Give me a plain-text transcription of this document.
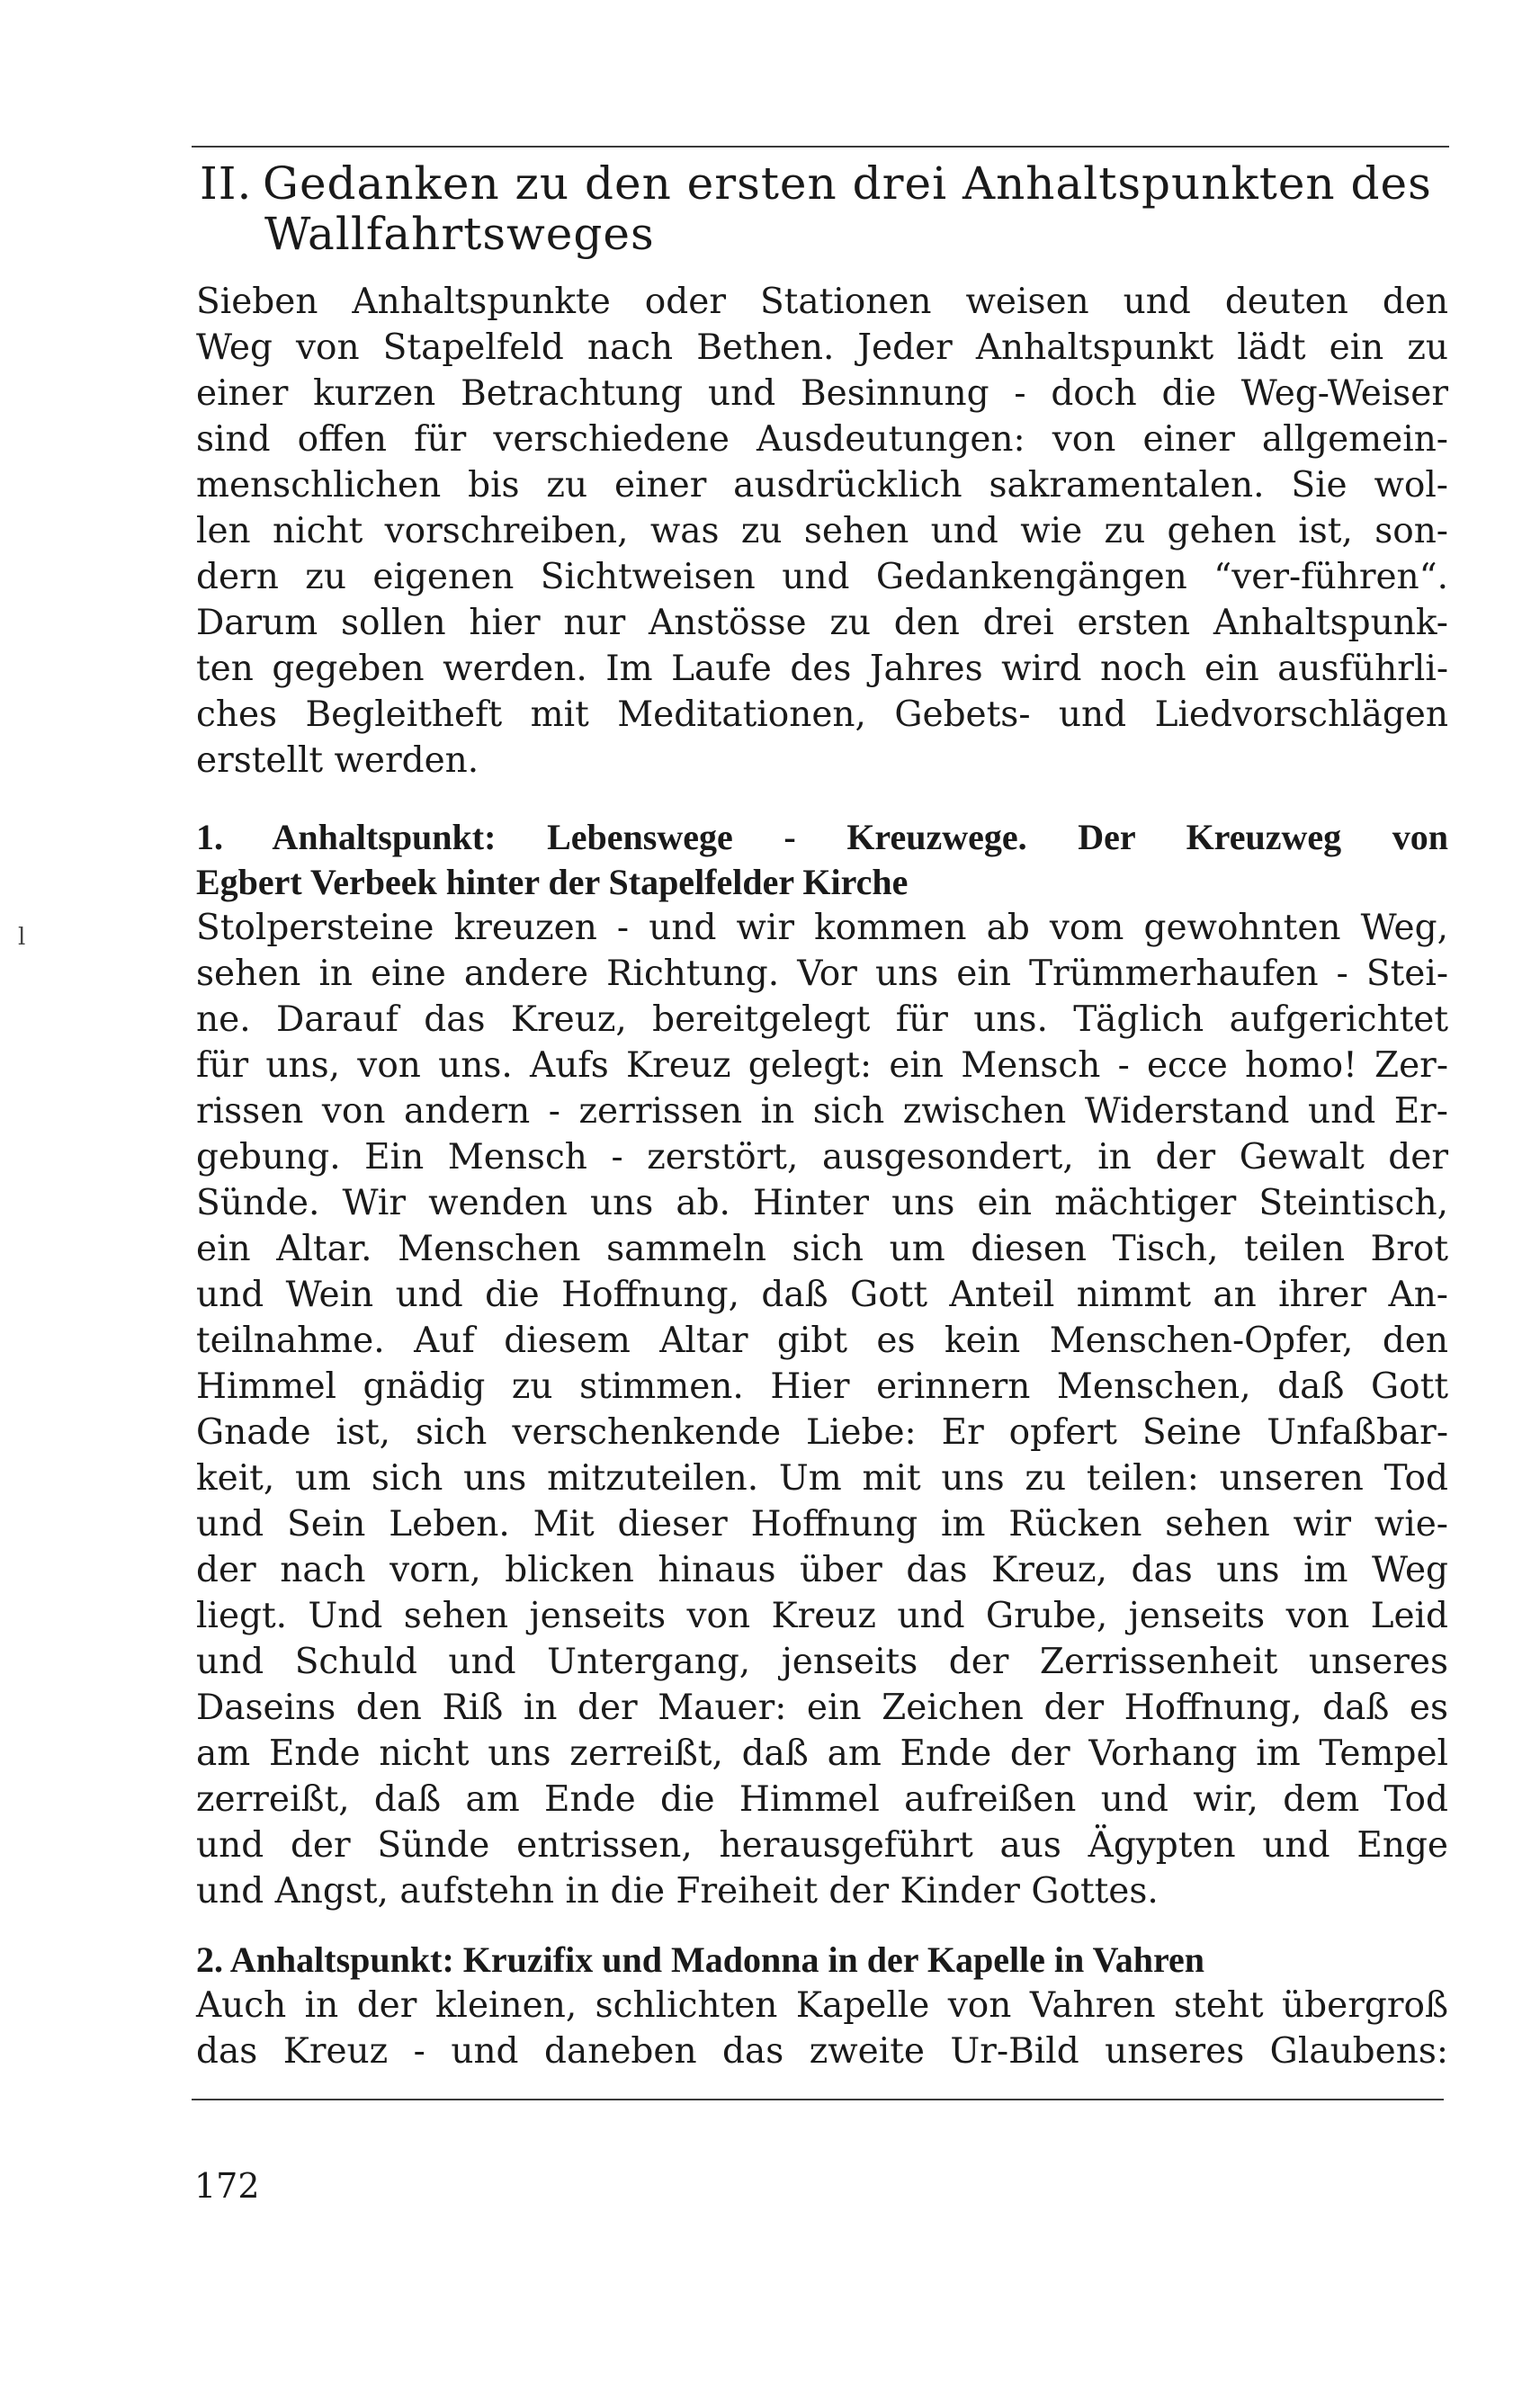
II. Gedanken zu den ersten drei Anhaltspunkten des
Wallfahrtsweges
Sieben Anhaltspunkte oder Stationen weisen und deuten den
Weg von Stapelfeld nach Bethen. Jeder Anhaltspunkt lädt ein zu
einer kurzen Betrachtung und Besinnung - doch die Weg-Weiser
sind offen für verschiedene Ausdeutungen: von einer allgemein-
menschlichen bis zu einer ausdrücklich sakramentalen. Sie wol-
len nicht vorschreiben, was zu sehen und wie zu gehen ist, son-
dern zu eigenen Sichtweisen und Gedankengängen “ver-führen“.
Darum sollen hier nur Anstösse zu den drei ersten Anhaltspunk-
ten gegeben werden. Im Laufe des Jahres wird noch ein ausführli-
ches Begleitheft mit Meditationen, Gebets- und Liedvorschlägen
erstellt werden.
1. Anhaltspunkt: Lebenswege - Kreuzwege. Der Kreuzweg von
Egbert Verbeek hinter der Stapelfelder Kirche
Stolpersteine kreuzen - und wir kommen ab vom gewohnten Weg,
sehen in eine andere Richtung. Vor uns ein Trümmerhaufen - Stei-
ne. Darauf das Kreuz, bereitgelegt für uns. Täglich aufgerichtet
für uns, von uns. Aufs Kreuz gelegt: ein Mensch - ecce homo! Zer-
rissen von andern - zerrissen in sich zwischen Widerstand und Er-
gebung. Ein Mensch - zerstört, ausgesondert, in der Gewalt der
Sünde. Wir wenden uns ab. Hinter uns ein mächtiger Steintisch,
ein Altar. Menschen sammeln sich um diesen Tisch, teilen Brot
und Wein und die Hoffnung, daß Gott Anteil nimmt an ihrer An-
teilnahme. Auf diesem Altar gibt es kein Menschen-Opfer, den
Himmel gnädig zu stimmen. Hier erinnern Menschen, daß Gott
Gnade ist, sich verschenkende Liebe: Er opfert Seine Unfaßbar-
keit, um sich uns mitzuteilen. Um mit uns zu teilen: unseren Tod
und Sein Leben. Mit dieser Hoffnung im Rücken sehen wir wie-
der nach vorn, blicken hinaus über das Kreuz, das uns im Weg
liegt. Und sehen jenseits von Kreuz und Grube, jenseits von Leid
und Schuld und Untergang, jenseits der Zerrissenheit unseres
Daseins den Riß in der Mauer: ein Zeichen der Hoffnung, daß es
am Ende nicht uns zerreißt, daß am Ende der Vorhang im Tempel
zerreißt, daß am Ende die Himmel aufreißen und wir, dem Tod
und der Sünde entrissen, herausgeführt aus Ägypten und Enge
und Angst, aufstehn in die Freiheit der Kinder Gottes.
2. Anhaltspunkt: Kruzifix und Madonna in der Kapelle in Vahren
Auch in der kleinen, schlichten Kapelle von Vahren steht übergroß
das Kreuz - und daneben das zweite Ur-Bild unseres Glaubens:
l
172
